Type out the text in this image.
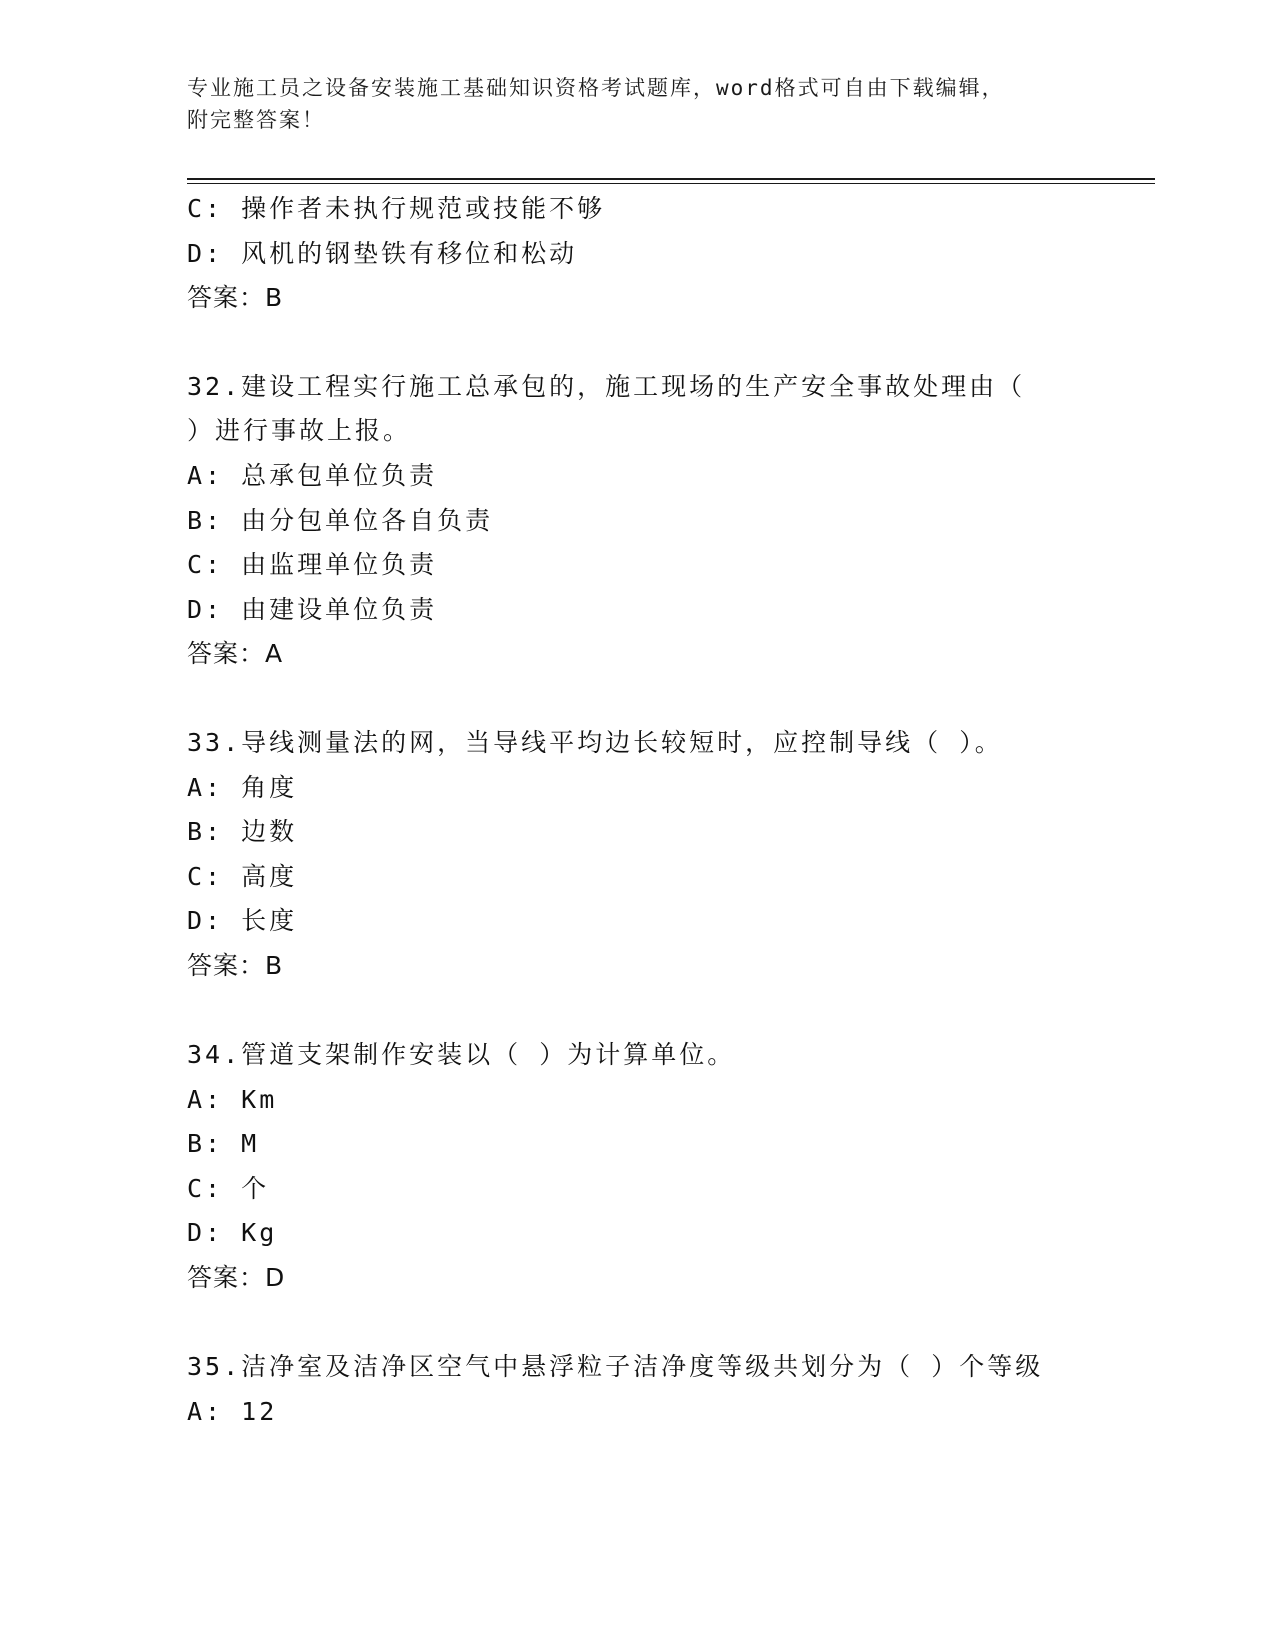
专业施工员之设备安装施工基础知识资格考试题库，word格式可自由下载编辑，
附完整答案！
C: 操作者未执行规范或技能不够
D: 风机的钢垫铁有移位和松动
答案：B
32.建设工程实行施工总承包的，施工现场的生产安全事故处理由（
）进行事故上报。
A: 总承包单位负责
B: 由分包单位各自负责
C: 由监理单位负责
D: 由建设单位负责
答案：A
33.导线测量法的网，当导线平均边长较短时，应控制导线（ ）。
A: 角度
B: 边数
C: 高度
D: 长度
答案：B
34.管道支架制作安装以（ ）为计算单位。
A: Km
B: M
C: 个
D: Kg
答案：D
35.洁净室及洁净区空气中悬浮粒子洁净度等级共划分为（ ）个等级
A: 12
